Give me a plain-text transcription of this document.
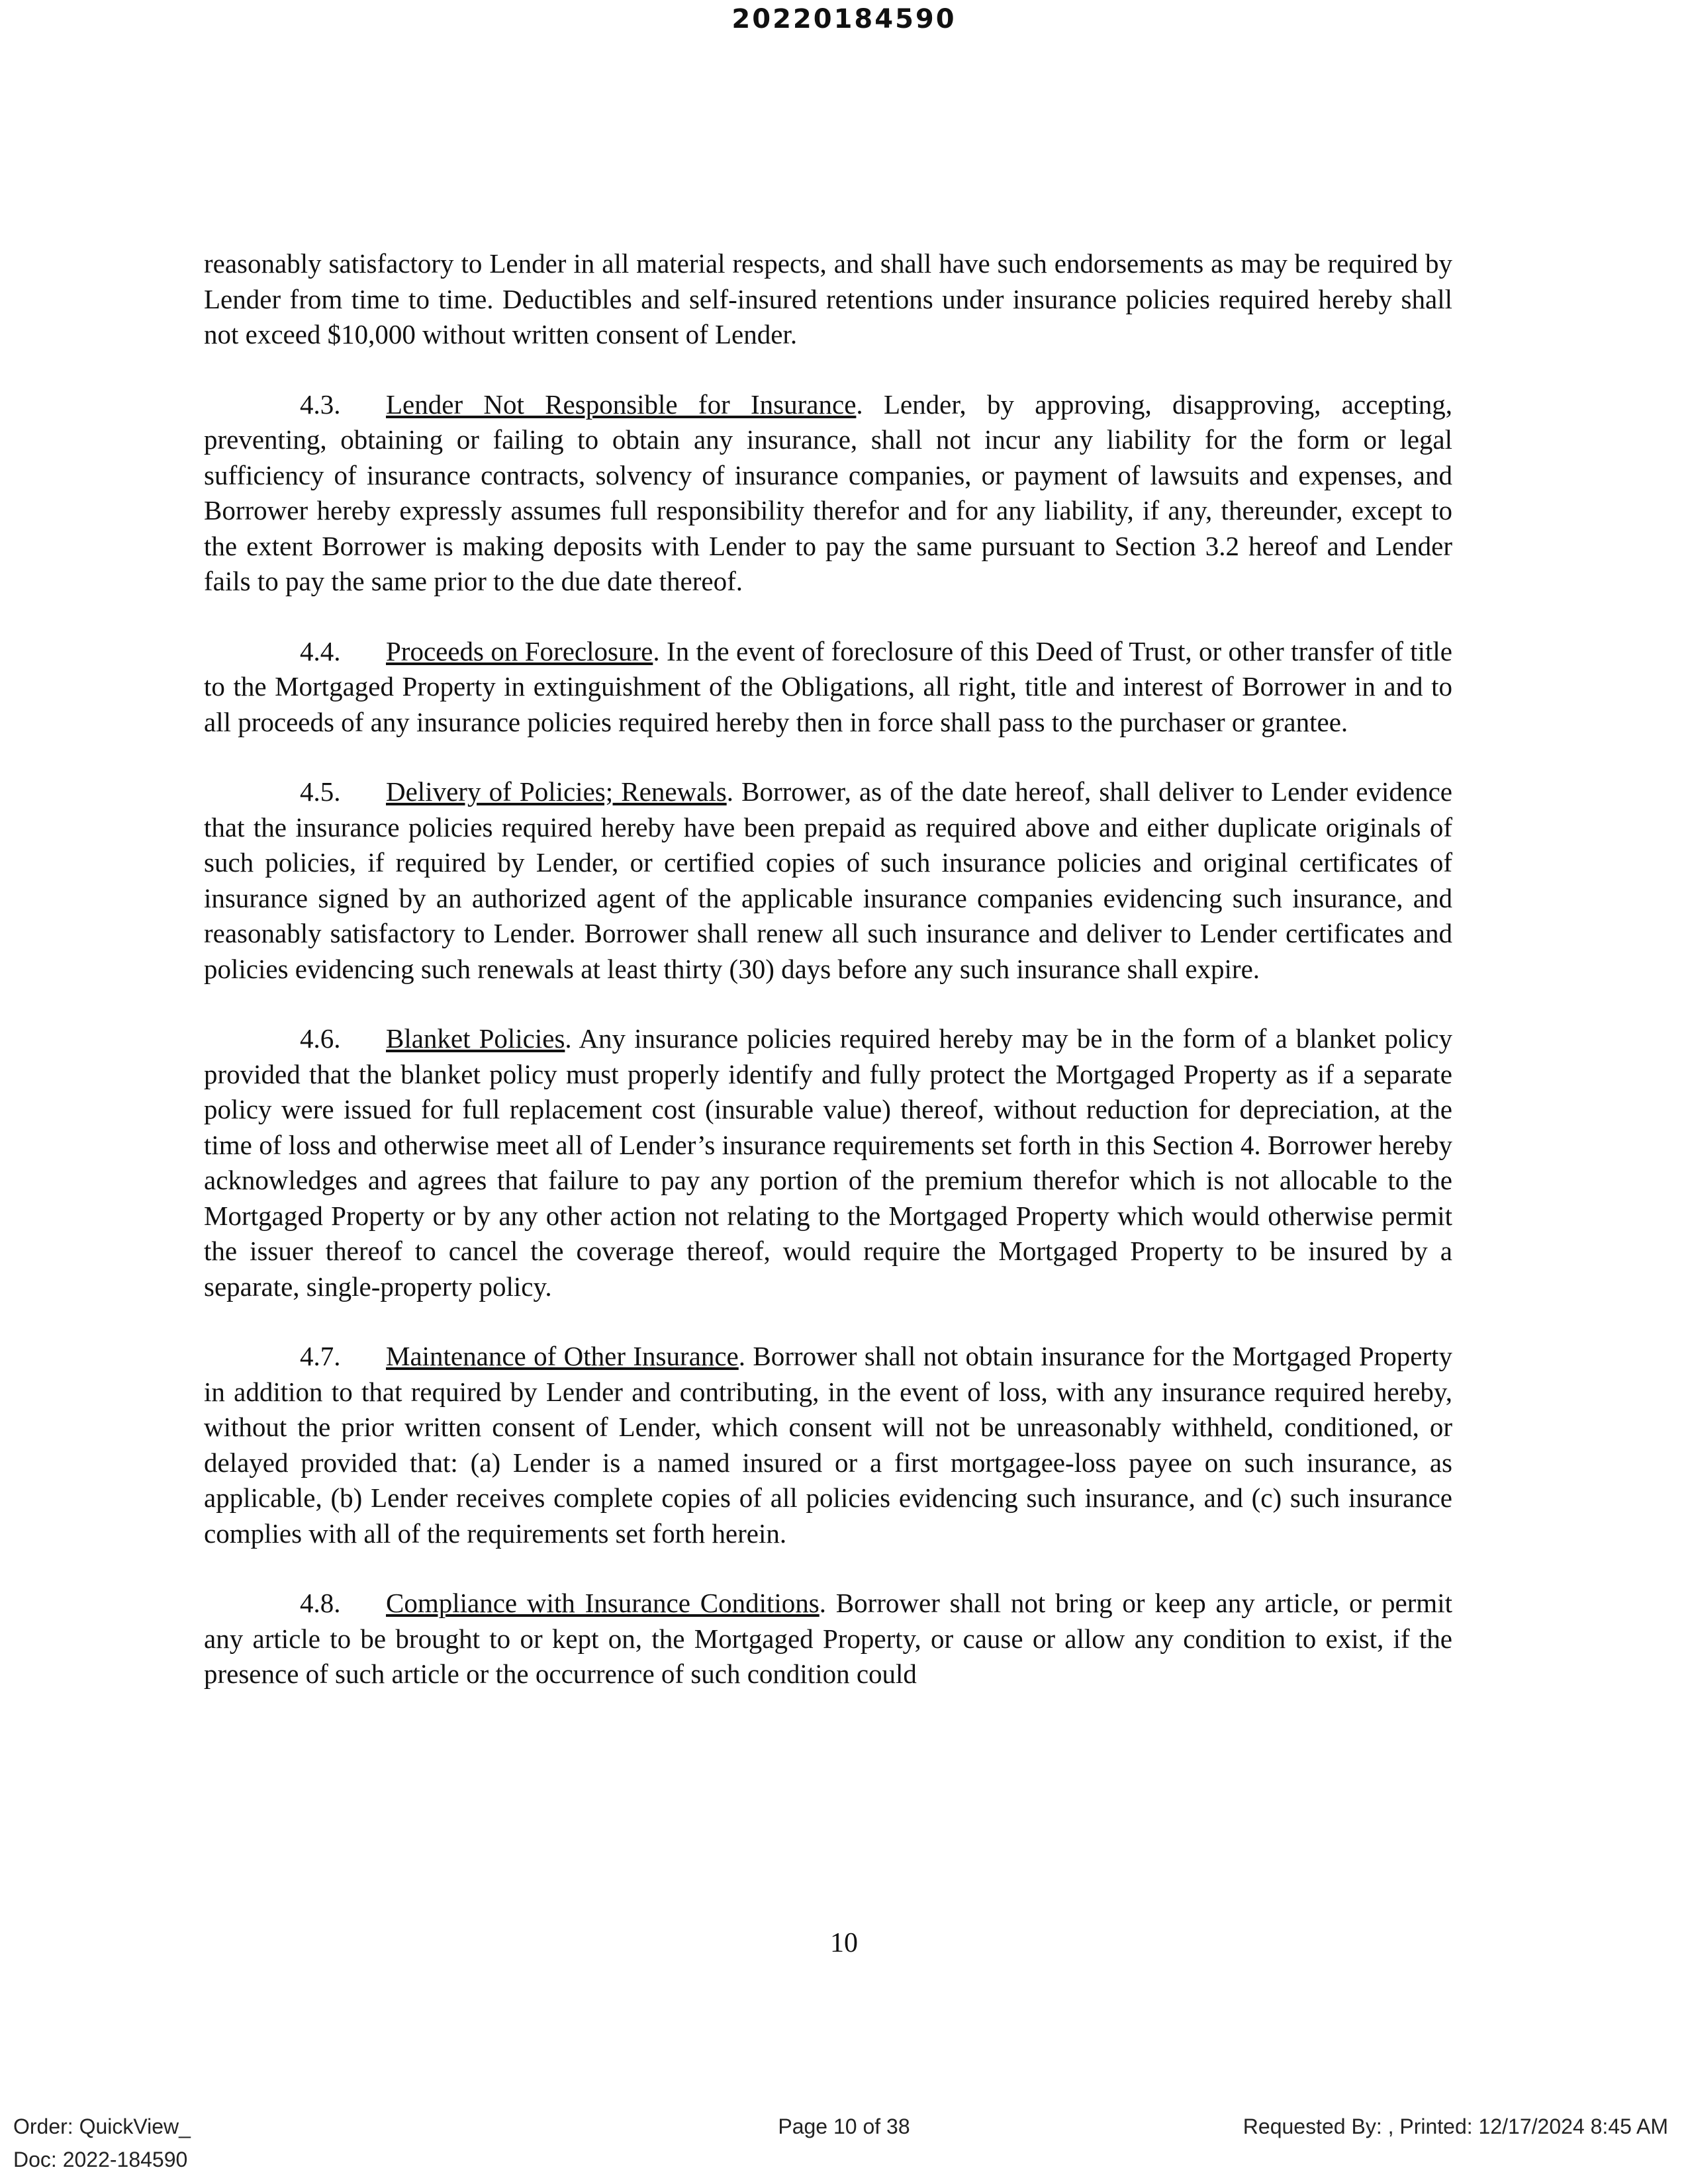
20220184590

reasonably satisfactory to Lender in all material respects, and shall have such endorsements as may be required by Lender from time to time. Deductibles and self-insured retentions under insurance policies required hereby shall not exceed $10,000 without written consent of Lender.

4.3. Lender Not Responsible for Insurance. Lender, by approving, disapproving, accepting, preventing, obtaining or failing to obtain any insurance, shall not incur any liability for the form or legal sufficiency of insurance contracts, solvency of insurance companies, or payment of lawsuits and expenses, and Borrower hereby expressly assumes full responsibility therefor and for any liability, if any, thereunder, except to the extent Borrower is making deposits with Lender to pay the same pursuant to Section 3.2 hereof and Lender fails to pay the same prior to the due date thereof.

4.4. Proceeds on Foreclosure. In the event of foreclosure of this Deed of Trust, or other transfer of title to the Mortgaged Property in extinguishment of the Obligations, all right, title and interest of Borrower in and to all proceeds of any insurance policies required hereby then in force shall pass to the purchaser or grantee.

4.5. Delivery of Policies; Renewals. Borrower, as of the date hereof, shall deliver to Lender evidence that the insurance policies required hereby have been prepaid as required above and either duplicate originals of such policies, if required by Lender, or certified copies of such insurance policies and original certificates of insurance signed by an authorized agent of the applicable insurance companies evidencing such insurance, and reasonably satisfactory to Lender. Borrower shall renew all such insurance and deliver to Lender certificates and policies evidencing such renewals at least thirty (30) days before any such insurance shall expire.

4.6. Blanket Policies. Any insurance policies required hereby may be in the form of a blanket policy provided that the blanket policy must properly identify and fully protect the Mortgaged Property as if a separate policy were issued for full replacement cost (insurable value) thereof, without reduction for depreciation, at the time of loss and otherwise meet all of Lender’s insurance requirements set forth in this Section 4. Borrower hereby acknowledges and agrees that failure to pay any portion of the premium therefor which is not allocable to the Mortgaged Property or by any other action not relating to the Mortgaged Property which would otherwise permit the issuer thereof to cancel the coverage thereof, would require the Mortgaged Property to be insured by a separate, single-property policy.

4.7. Maintenance of Other Insurance. Borrower shall not obtain insurance for the Mortgaged Property in addition to that required by Lender and contributing, in the event of loss, with any insurance required hereby, without the prior written consent of Lender, which consent will not be unreasonably withheld, conditioned, or delayed provided that: (a) Lender is a named insured or a first mortgagee-loss payee on such insurance, as applicable, (b) Lender receives complete copies of all policies evidencing such insurance, and (c) such insurance complies with all of the requirements set forth herein.

4.8. Compliance with Insurance Conditions. Borrower shall not bring or keep any article, or permit any article to be brought to or kept on, the Mortgaged Property, or cause or allow any condition to exist, if the presence of such article or the occurrence of such condition could

10
Order: QuickView_
Doc: 2022-184590
Page 10 of 38	Requested By: , Printed: 12/17/2024 8:45 AM
